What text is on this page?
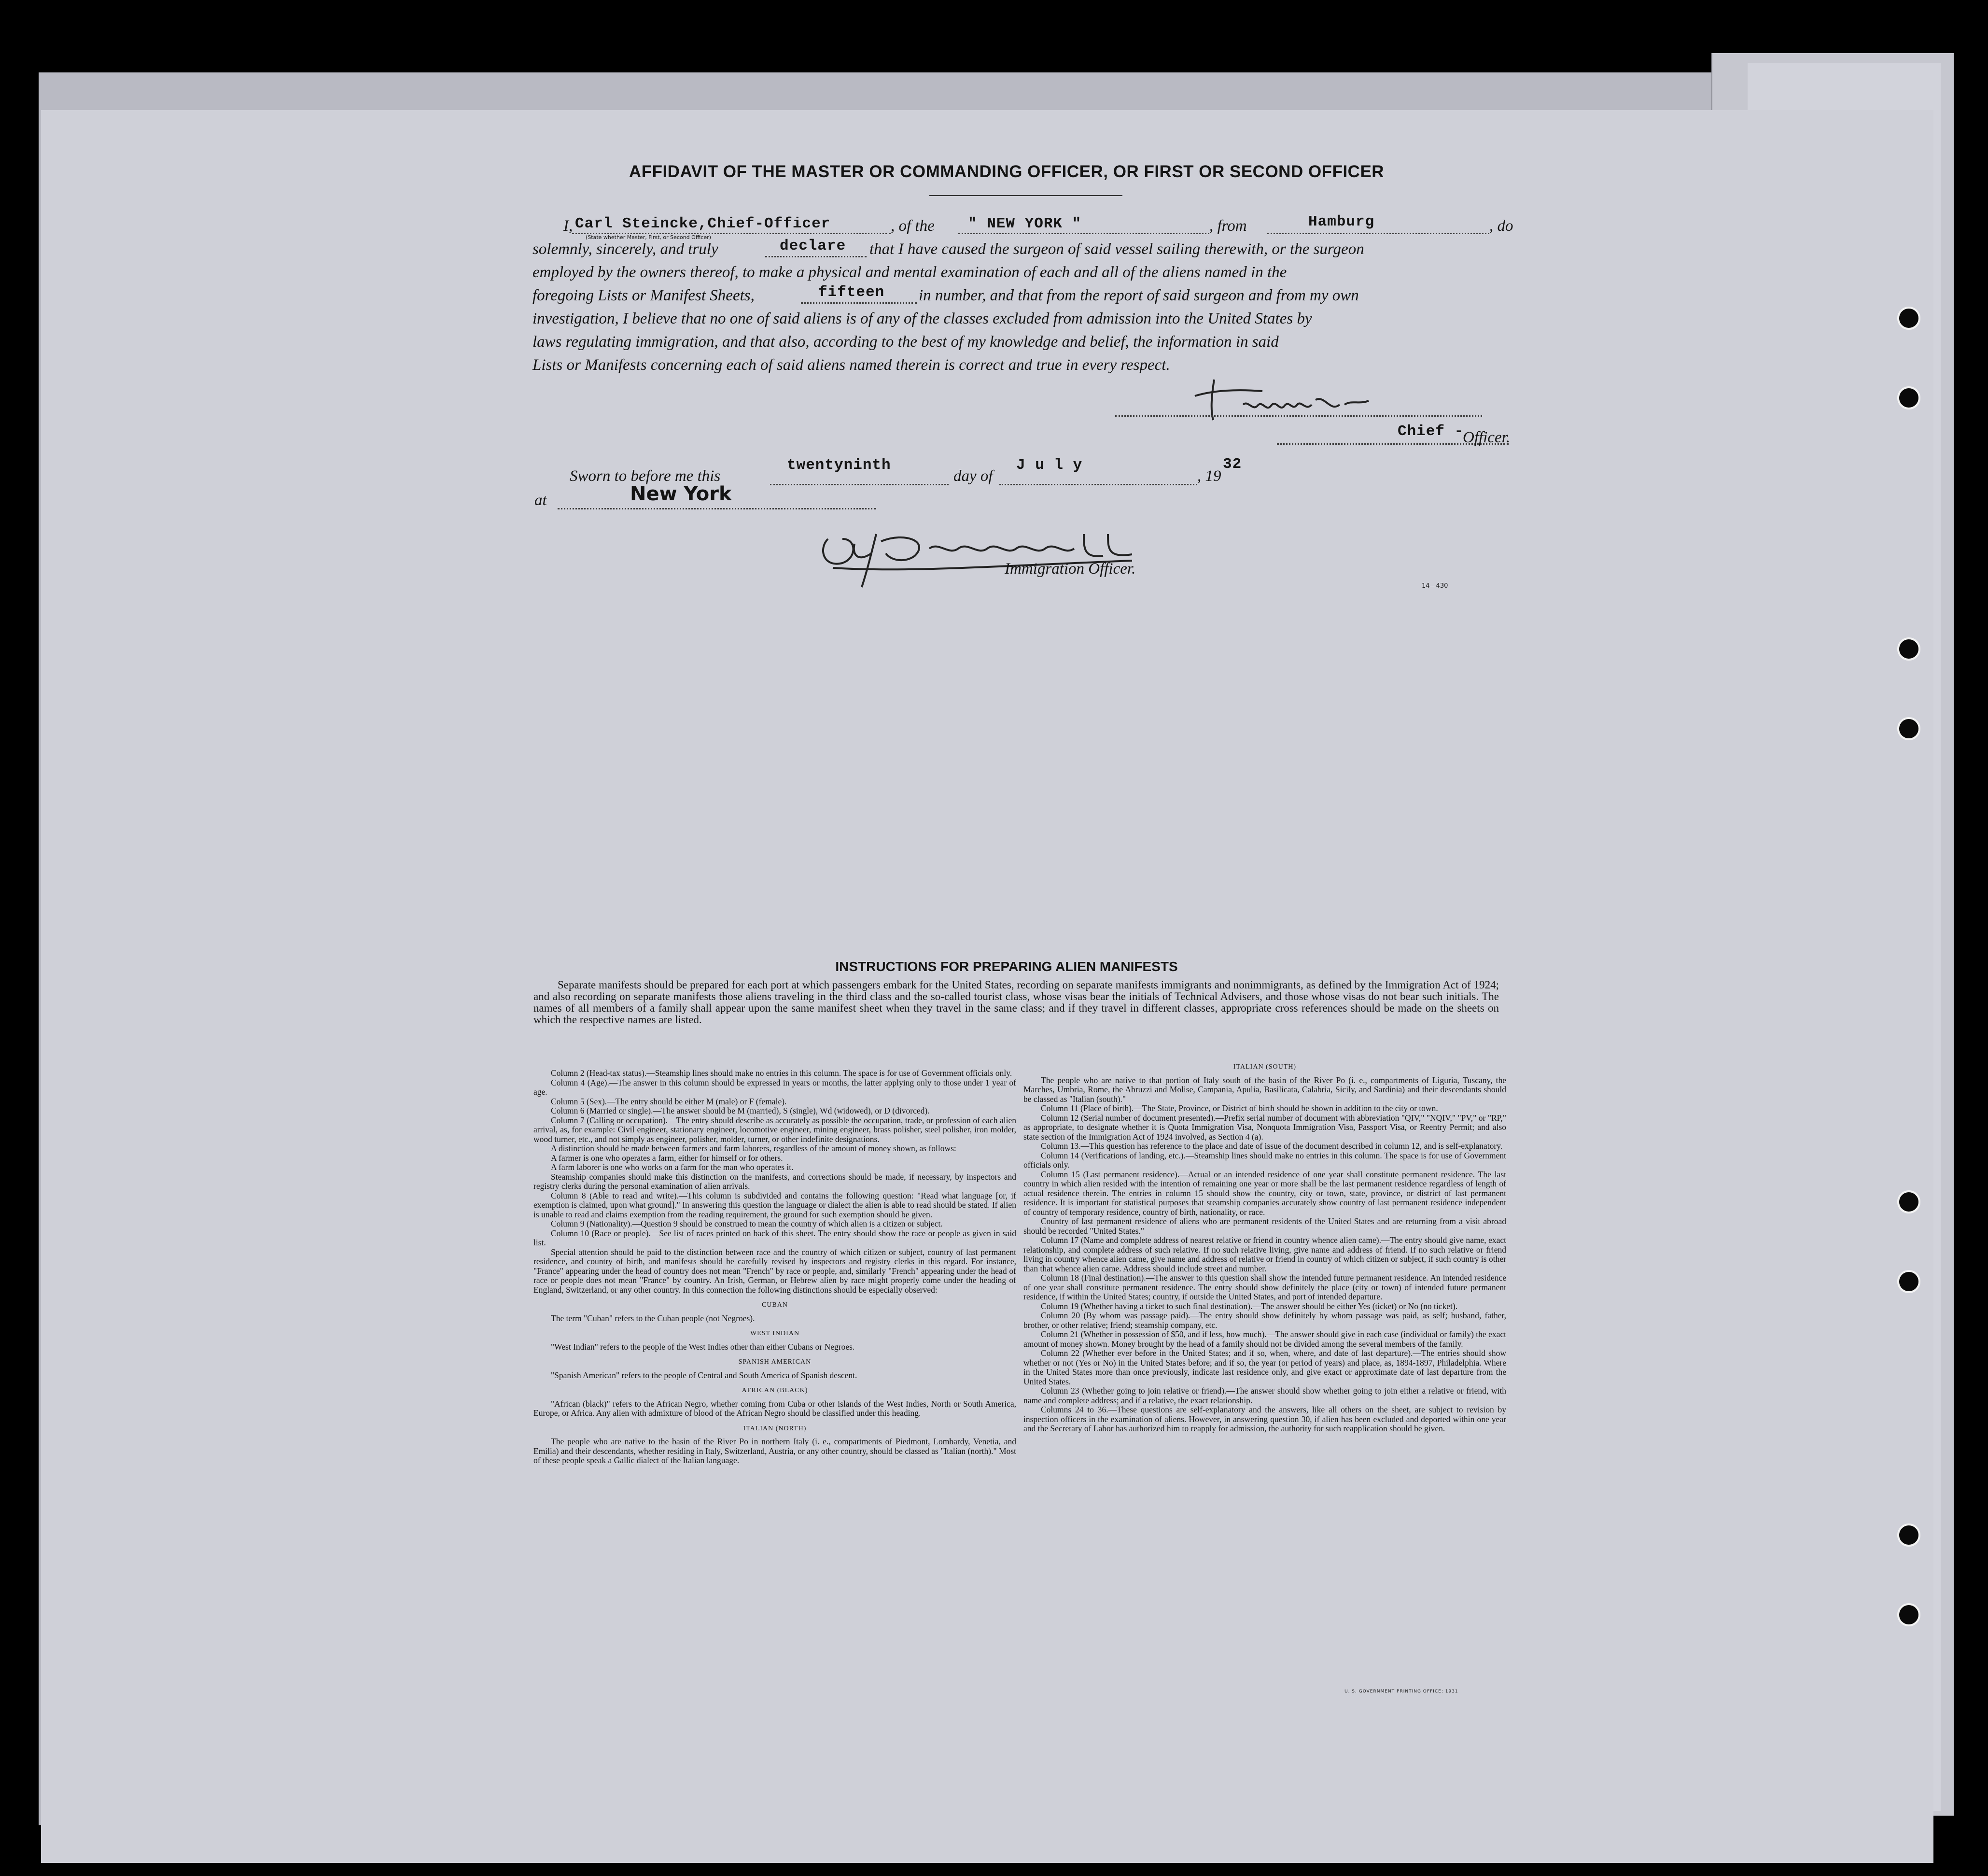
AFFIDAVIT OF THE MASTER OR COMMANDING OFFICER, OR FIRST OR SECOND OFFICER
I, Carl Steincke,Chief-Officer
(State whether Master, First, or Second Officer)
, of the " NEW YORK "	, from	Hamburg	, do
solemnly, sincerely, and truly	declare that I have caused the surgeon of said vessel sailing therewith, or the surgeon
employed by the owners thereof, to make a physical and mental examination of each and all of the aliens named in the
foregoing Lists or Manifest Sheets,	fifteen in number, and that from the report of said surgeon and from my own
investigation, I believe that no one of said aliens is of any of the classes excluded from admission into the United States by
laws regulating immigration, and that also, according to the best of my knowledge and belief, the information in said
Lists or Manifests concerning each of said aliens named therein is correct and true in every respect.
Chief -
Officer.
Sworn to before me this
twentyninth
day of
J u l y
, 19
32
at	New York
Immigration Officer.
14—430
INSTRUCTIONS FOR PREPARING ALIEN MANIFESTS
Separate manifests should be prepared for each port at which passengers embark for the United States, recording on separate manifests immigrants and nonimmigrants, as defined by the Immigration Act of 1924; and also recording on separate manifests those aliens traveling in the third class and the so-called tourist class, whose visas bear the initials of Technical Advisers, and those whose visas do not bear such initials. The names of all members of a family shall appear upon the same manifest sheet when they travel in the same class; and if they travel in different classes, appropriate cross references should be made on the sheets on which the respective names are listed.

Column 2 (Head-tax status).—Steamship lines should make no entries in this column. The space is for use of Government officials only.

Column 4 (Age).—The answer in this column should be expressed in years or months, the latter applying only to those under 1 year of age.

Column 5 (Sex).—The entry should be either M (male) or F (female).

Column 6 (Married or single).—The answer should be M (married), S (single), Wd (widowed), or D (divorced).

Column 7 (Calling or occupation).—The entry should describe as accurately as possible the occupation, trade, or profession of each alien arrival, as, for example: Civil engineer, stationary engineer, locomotive engineer, mining engineer, brass polisher, steel polisher, iron molder, wood turner, etc., and not simply as engineer, polisher, molder, turner, or other indefinite designations.

A distinction should be made between farmers and farm laborers, regardless of the amount of money shown, as follows:

A farmer is one who operates a farm, either for himself or for others.

A farm laborer is one who works on a farm for the man who operates it.

Steamship companies should make this distinction on the manifests, and corrections should be made, if necessary, by inspectors and registry clerks during the personal examination of alien arrivals.

Column 8 (Able to read and write).—This column is subdivided and contains the following question: "Read what language [or, if exemption is claimed, upon what ground]." In answering this question the language or dialect the alien is able to read should be stated. If alien is unable to read and claims exemption from the reading requirement, the ground for such exemption should be given.

Column 9 (Nationality).—Question 9 should be construed to mean the country of which alien is a citizen or subject.

Column 10 (Race or people).—See list of races printed on back of this sheet. The entry should show the race or people as given in said list.

Special attention should be paid to the distinction between race and the country of which citizen or subject, country of last permanent residence, and country of birth, and manifests should be carefully revised by inspectors and registry clerks in this regard. For instance, "France" appearing under the head of country does not mean "French" by race or people, and, similarly "French" appearing under the head of race or people does not mean "France" by country. An Irish, German, or Hebrew alien by race might properly come under the heading of England, Switzerland, or any other country. In this connection the following distinctions should be especially observed:

CUBAN

The term "Cuban" refers to the Cuban people (not Negroes).

WEST INDIAN

"West Indian" refers to the people of the West Indies other than either Cubans or Negroes.

SPANISH AMERICAN

"Spanish American" refers to the people of Central and South America of Spanish descent.

AFRICAN (BLACK)

"African (black)" refers to the African Negro, whether coming from Cuba or other islands of the West Indies, North or South America, Europe, or Africa. Any alien with admixture of blood of the African Negro should be classified under this heading.

ITALIAN (NORTH)

The people who are native to the basin of the River Po in northern Italy (i. e., compartments of Piedmont, Lombardy, Venetia, and Emilia) and their descendants, whether residing in Italy, Switzerland, Austria, or any other country, should be classed as "Italian (north)." Most of these people speak a Gallic dialect of the Italian language.

ITALIAN (SOUTH)

The people who are native to that portion of Italy south of the basin of the River Po (i. e., compartments of Liguria, Tuscany, the Marches, Umbria, Rome, the Abruzzi and Molise, Campania, Apulia, Basilicata, Calabria, Sicily, and Sardinia) and their descendants should be classed as "Italian (south)."

Column 11 (Place of birth).—The State, Province, or District of birth should be shown in addition to the city or town.

Column 12 (Serial number of document presented).—Prefix serial number of document with abbreviation "QIV," "NQIV," "PV," or "RP," as appropriate, to designate whether it is Quota Immigration Visa, Nonquota Immigration Visa, Passport Visa, or Reentry Permit; and also state section of the Immigration Act of 1924 involved, as Section 4 (a).

Column 13.—This question has reference to the place and date of issue of the document described in column 12, and is self-explanatory.

Column 14 (Verifications of landing, etc.).—Steamship lines should make no entries in this column. The space is for use of Government officials only.

Column 15 (Last permanent residence).—Actual or an intended residence of one year shall constitute permanent residence. The last country in which alien resided with the intention of remaining one year or more shall be the last permanent residence regardless of length of actual residence therein. The entries in column 15 should show the country, city or town, state, province, or district of last permanent residence. It is important for statistical purposes that steamship companies accurately show country of last permanent residence independent of country of temporary residence, country of birth, nationality, or race.

Country of last permanent residence of aliens who are permanent residents of the United States and are returning from a visit abroad should be recorded "United States."

Column 17 (Name and complete address of nearest relative or friend in country whence alien came).—The entry should give name, exact relationship, and complete address of such relative. If no such relative living, give name and address of friend. If no such relative or friend living in country whence alien came, give name and address of relative or friend in country of which citizen or subject, if such country is other than that whence alien came. Address should include street and number.

Column 18 (Final destination).—The answer to this question shall show the intended future permanent residence. An intended residence of one year shall constitute permanent residence. The entry should show definitely the place (city or town) of intended future permanent residence, if within the United States; country, if outside the United States, and port of intended departure.

Column 19 (Whether having a ticket to such final destination).—The answer should be either Yes (ticket) or No (no ticket).

Column 20 (By whom was passage paid).—The entry should show definitely by whom passage was paid, as self; husband, father, brother, or other relative; friend; steamship company, etc.

Column 21 (Whether in possession of $50, and if less, how much).—The answer should give in each case (individual or family) the exact amount of money shown. Money brought by the head of a family should not be divided among the several members of the family.

Column 22 (Whether ever before in the United States; and if so, when, where, and date of last departure).—The entries should show whether or not (Yes or No) in the United States before; and if so, the year (or period of years) and place, as, 1894-1897, Philadelphia. Where in the United States more than once previously, indicate last residence only, and give exact or approximate date of last departure from the United States.

Column 23 (Whether going to join relative or friend).—The answer should show whether going to join either a relative or friend, with name and complete address; and if a relative, the exact relationship.

Columns 24 to 36.—These questions are self-explanatory and the answers, like all others on the sheet, are subject to revision by inspection officers in the examination of aliens. However, in answering question 30, if alien has been excluded and deported within one year and the Secretary of Labor has authorized him to reapply for admission, the authority for such reapplication should be given.

U. S. GOVERNMENT PRINTING OFFICE: 1931
